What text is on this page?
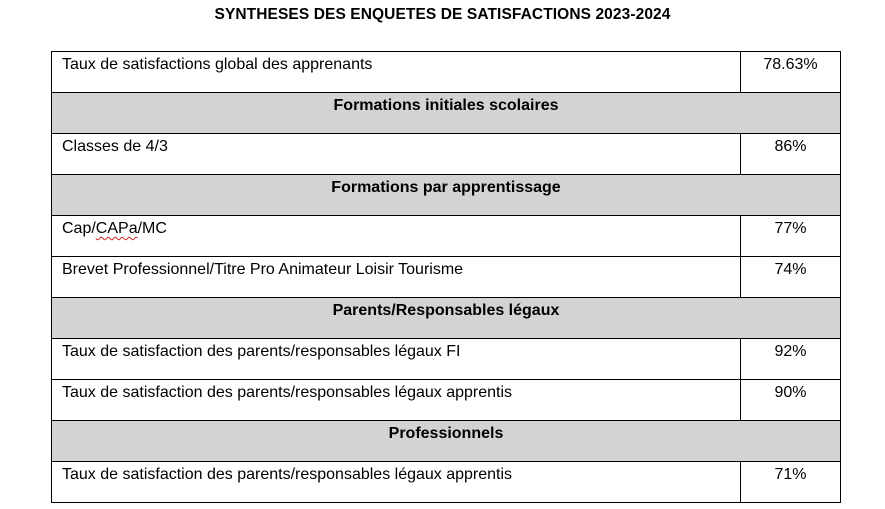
SYNTHESES DES ENQUETES DE SATISFACTIONS 2023-2024
Taux de satisfactions global des apprenants	78.63%
Formations initiales scolaires	
Classes de 4/3	86%
Formations par apprentissage	
Cap/CAPa/MC	77%
Brevet Professionnel/Titre Pro Animateur Loisir Tourisme	74%
Parents/Responsables légaux	
Taux de satisfaction des parents/responsables légaux FI	92%
Taux de satisfaction des parents/responsables légaux apprentis	90%
Professionnels	
Taux de satisfaction des parents/responsables légaux apprentis	71%
